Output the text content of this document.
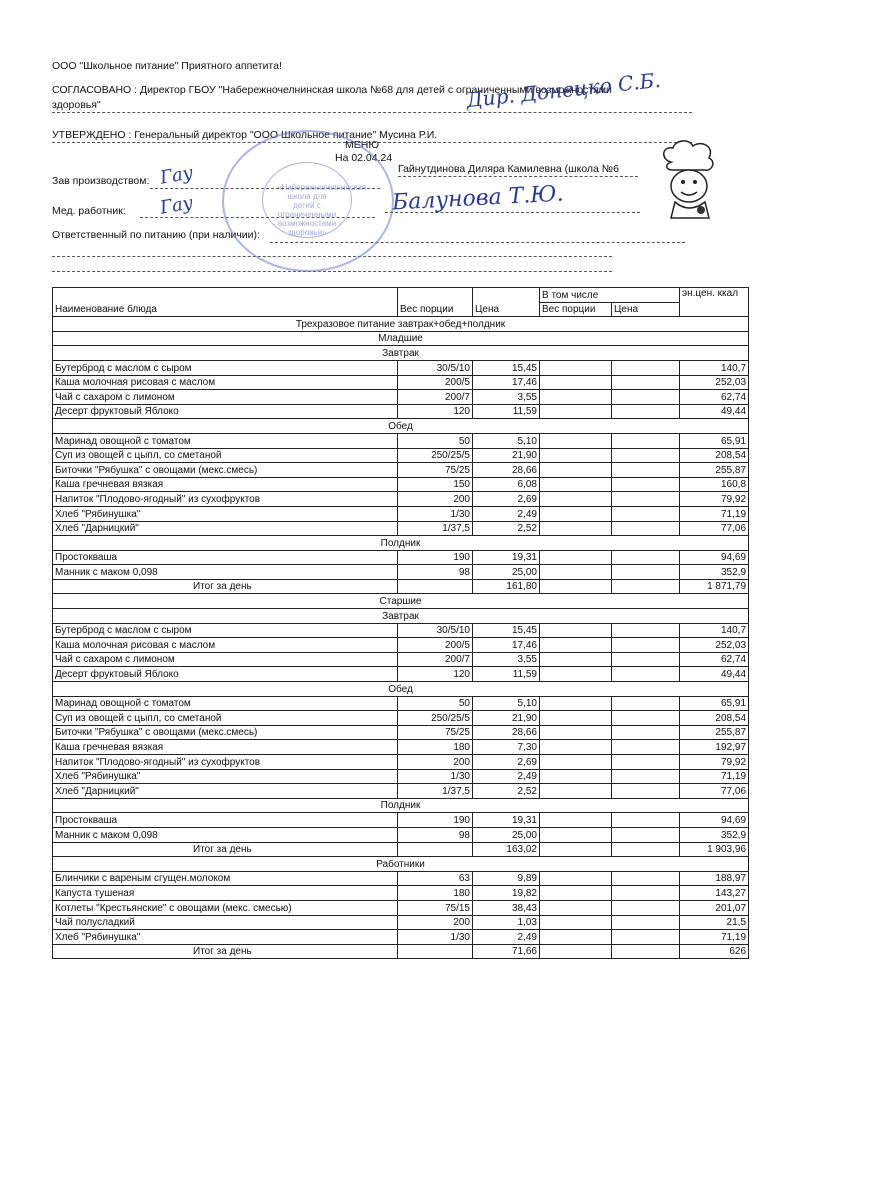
ООО "Школьное питание" Приятного аппетита!
СОГЛАСОВАНО : Директор ГБОУ "Набережночелнинская школа №68 для детей с ограниченными возможностями
здоровья"
УТВЕРЖДЕНО : Генеральный директор "ООО Школьное питание" Мусина Р.И.
МЕНЮ
На 02.04.24
Зав производством:
Гайнутдинова Диляра Камилевна (школа №6
Мед. работник:
Ответственный по питанию (при наличии):
Дир. Донецко С.Б.
Гау
Гау	Балунова Т.Ю.
«Набережночелнинская школа для детей с ограниченными возможностями здоровья»
Наименование блюда	Вес порции	Цена	В том числе		эн.цен. ккал
			Вес порции	Цена	
Трехразовое питание завтрак+обед+полдник					
Младшие					
Завтрак					
Бутерброд с маслом с сыром	30/5/10	15,45			140,7
Каша молочная рисовая с маслом	200/5	17,46			252,03
Чай с сахаром с лимоном	200/7	3,55			62,74
Десерт фруктовый Яблоко	120	11,59			49,44
Обед					
Маринад овощной с томатом	50	5,10			65,91
Суп из овощей с цыпл, со сметаной	250/25/5	21,90			208,54
Биточки "Рябушка" с овощами (мекс.смесь)	75/25	28,66			255,87
Каша гречневая вязкая	150	6,08			160,8
Напиток "Плодово-ягодный" из сухофруктов	200	2,69			79,92
Хлеб "Рябинушка"	1/30	2,49			71,19
Хлеб "Дарницкий"	1/37,5	2,52			77,06
Полдник					
Простокваша	190	19,31			94,69
Манник с маком 0,098	98	25,00			352,9
Итог за день		161,80			1 871,79
Старшие					
Завтрак					
Бутерброд с маслом с сыром	30/5/10	15,45			140,7
Каша молочная рисовая с маслом	200/5	17,46			252,03
Чай с сахаром с лимоном	200/7	3,55			62,74
Десерт фруктовый Яблоко	120	11,59			49,44
Обед					
Маринад овощной с томатом	50	5,10			65,91
Суп из овощей с цыпл, со сметаной	250/25/5	21,90			208,54
Биточки "Рябушка" с овощами (мекс.смесь)	75/25	28,66			255,87
Каша гречневая вязкая	180	7,30			192,97
Напиток "Плодово-ягодный" из сухофруктов	200	2,69			79,92
Хлеб "Рябинушка"	1/30	2,49			71,19
Хлеб "Дарницкий"	1/37,5	2,52			77,06
Полдник					
Простокваша	190	19,31			94,69
Манник с маком 0,098	98	25,00			352,9
Итог за день		163,02			1 903,96
Работники					
Блинчики с вареным сгущен.молоком	63	9,89			188,97
Капуста тушеная	180	19,82			143,27
Котлеты "Крестьянские" с овощами (мекс. смесью)	75/15	38,43			201,07
Чай полусладкий	200	1,03			21,5
Хлеб "Рябинушка"	1/30	2,49			71,19
Итог за день		71,66			626
